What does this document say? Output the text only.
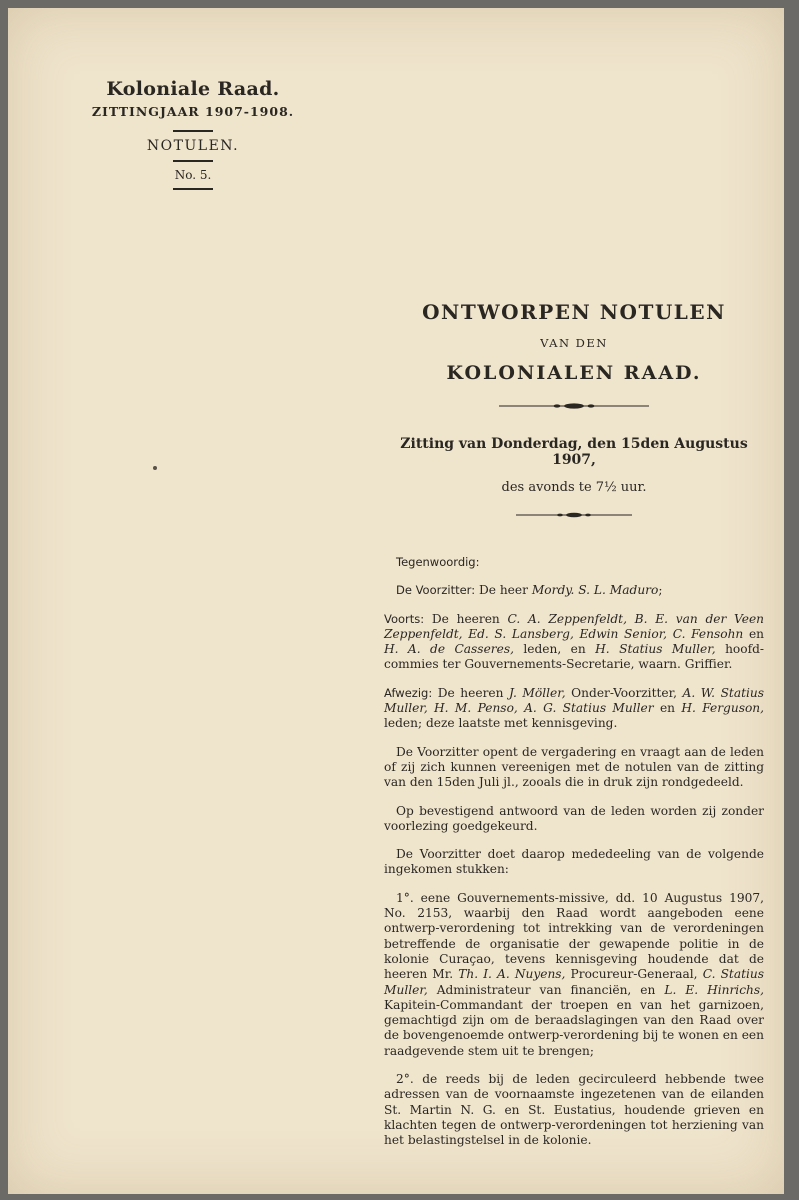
Koloniale Raad.
ZITTINGJAAR 1907-1908.
NOTULEN.
No. 5.
ONTWORPEN NOTULEN
VAN DEN
KOLONIALEN RAAD.
Zitting van Donderdag, den 15den Augustus 1907,
des avonds te 7½ uur.

Tegenwoordig:

De Voorzitter: De heer Mordy. S. L. Maduro;

Voorts: De heeren C. A. Zeppenfeldt, B. E. van der Veen Zeppenfeldt, Ed. S. Lansberg, Edwin Senior, C. Fensohn en H. A. de Casseres, leden, en H. Statius Muller, hoofd-commies ter Gouvernements-Secretarie, waarn. Griffier.

Afwezig: De heeren J. Möller, Onder-Voorzitter, A. W. Statius Muller, H. M. Penso, A. G. Statius Muller en H. Ferguson, leden; deze laatste met kennisgeving.

De Voorzitter opent de vergadering en vraagt aan de leden of zij zich kunnen vereenigen met de notulen van de zitting van den 15den Juli jl., zooals die in druk zijn rondgedeeld.

Op bevestigend antwoord van de leden worden zij zonder voorlezing goedgekeurd.

De Voorzitter doet daarop mededeeling van de volgende ingekomen stukken:

1°. eene Gouvernements-missive, dd. 10 Augustus 1907, No. 2153, waarbij den Raad wordt aangeboden eene ontwerp-verordening tot intrekking van de verordeningen betreffende de organisatie der gewapende politie in de kolonie Curaçao, tevens kennisgeving houdende dat de heeren Mr. Th. I. A. Nuyens, Procureur-Generaal, C. Statius Muller, Administrateur van financiën, en L. E. Hinrichs, Kapitein-Commandant der troepen en van het garnizoen, gemachtigd zijn om de beraadslagingen van den Raad over de bovengenoemde ontwerp-verordening bij te wonen en een raadgevende stem uit te brengen;

2°. de reeds bij de leden gecirculeerd hebbende twee adressen van de voornaamste ingezetenen van de eilanden St. Martin N. G. en St. Eustatius, houdende grieven en klachten tegen de ontwerp-verordeningen tot herziening van het belastingstelsel in de kolonie.
